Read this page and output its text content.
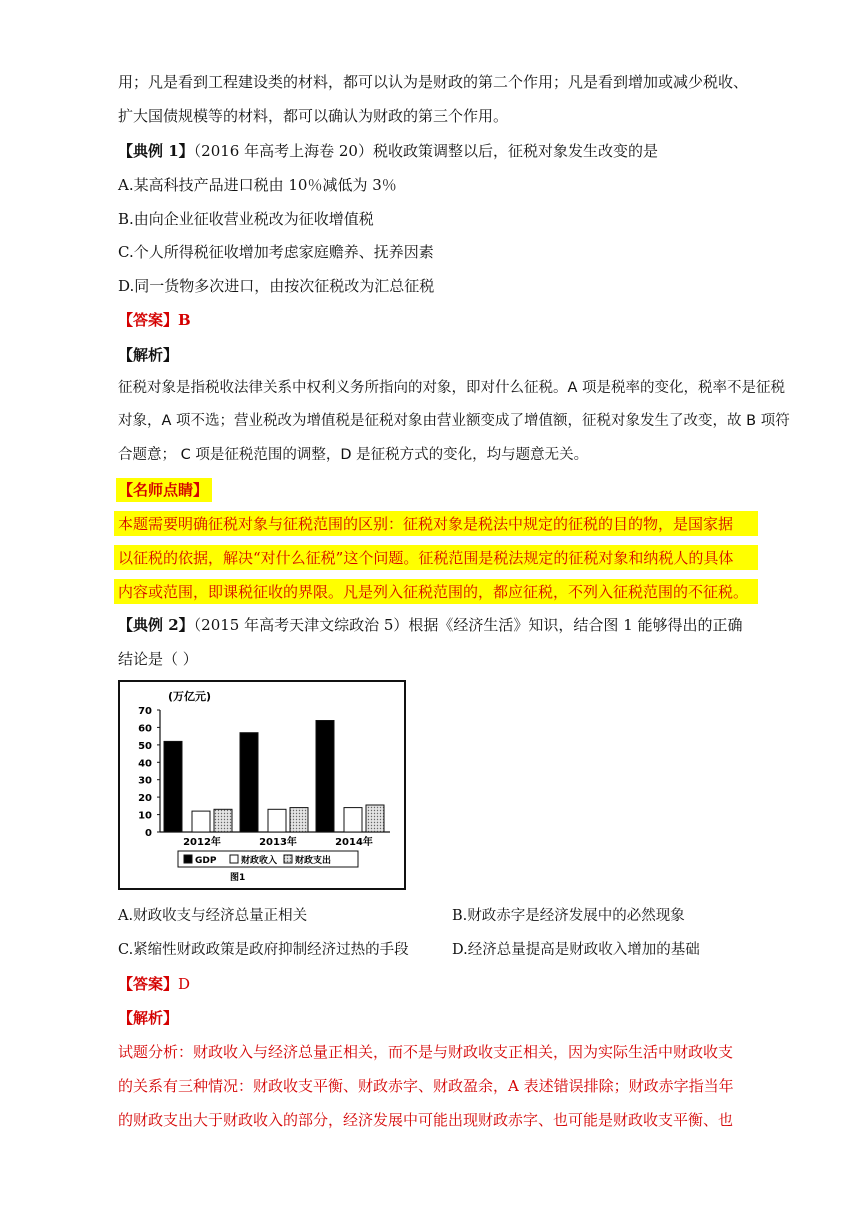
用；凡是看到工程建设类的材料，都可以认为是财政的第二个作用；凡是看到增加或减少税收、
扩大国债规模等的材料，都可以确认为财政的第三个作用。
【典例 1】（2016 年高考上海卷 20）税收政策调整以后，征税对象发生改变的是
A.某高科技产品进口税由 10％减低为 3％
B.由向企业征收营业税改为征收增值税
C.个人所得税征收增加考虑家庭赡养、抚养因素
D.同一货物多次进口，由按次征税改为汇总征税
【答案】B
【解析】
征税对象是指税收法律关系中权利义务所指向的对象，即对什么征税。A 项是税率的变化，税率不是征税
对象，A 项不选；营业税改为增值税是征税对象由营业额变成了增值额，征税对象发生了改变，故 B 项符
合题意； C 项是征税范围的调整，D 是征税方式的变化，均与题意无关。
【名师点睛】
本题需要明确征税对象与征税范围的区别：征税对象是税法中规定的征税的目的物，是国家据
以征税的依据，解决“对什么征税”这个问题。征税范围是税法规定的征税对象和纳税人的具体
内容或范围，即课税征收的界限。凡是列入征税范围的，都应征税，不列入征税范围的不征税。
【典例 2】（2015 年高考天津文综政治 5）根据《经济生活》知识，结合图 1 能够得出的正确
结论是（ ）
(万亿元)
0
10
20
30
40
50
60
70
2012年	2013年	2014年
GDP	财政收入 财政支出
图1
A.财政收支与经济总量正相关	B.财政赤字是经济发展中的必然现象
C.紧缩性财政政策是政府抑制经济过热的手段	D.经济总量提高是财政收入增加的基础
【答案】D
【解析】
试题分析：财政收入与经济总量正相关，而不是与财政收支正相关，因为实际生活中财政收支
的关系有三种情况：财政收支平衡、财政赤字、财政盈余，A 表述错误排除；财政赤字指当年
的财政支出大于财政收入的部分，经济发展中可能出现财政赤字、也可能是财政收支平衡、也
